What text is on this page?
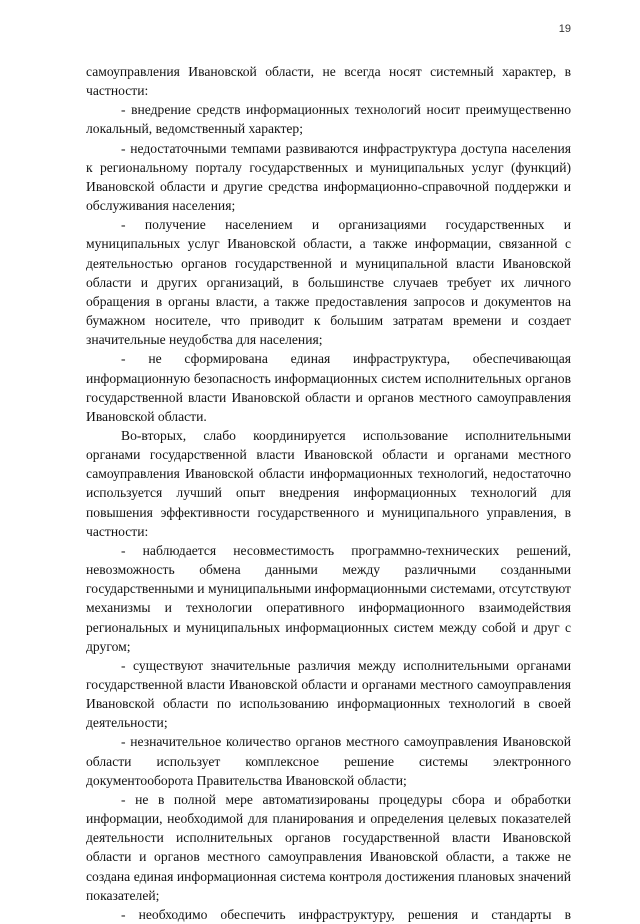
19

самоуправления Ивановской области, не всегда носят системный характер, в частности:

- внедрение средств информационных технологий носит преимущественно локальный, ведомственный характер;

- недостаточными темпами развиваются инфраструктура доступа населения к региональному порталу государственных и муниципальных услуг (функций) Ивановской области и другие средства информационно-справочной поддержки и обслуживания населения;

- получение населением и организациями государственных и муниципальных услуг Ивановской области, а также информации, связанной с деятельностью органов государственной и муниципальной власти Ивановской области и других организаций, в большинстве случаев требует их личного обращения в органы власти, а также предоставления запросов и документов на бумажном носителе, что приводит к большим затратам времени и создает значительные неудобства для населения;

- не сформирована единая инфраструктура, обеспечивающая информационную безопасность информационных систем исполнительных органов государственной власти Ивановской области и органов местного самоуправления Ивановской области.

Во-вторых, слабо координируется использование исполнительными органами государственной власти Ивановской области и органами местного самоуправления Ивановской области информационных технологий, недостаточно используется лучший опыт внедрения информационных технологий для повышения эффективности государственного и муниципального управления, в частности:

- наблюдается несовместимость программно-технических решений, невозможность обмена данными между различными созданными государственными и муниципальными информационными системами, отсутствуют механизмы и технологии оперативного информационного взаимодействия региональных и муниципальных информационных систем между собой и друг с другом;

- существуют значительные различия между исполнительными органами государственной власти Ивановской области и органами местного самоуправления Ивановской области по использованию информационных технологий в своей деятельности;

- незначительное количество органов местного самоуправления Ивановской области использует комплексное решение системы электронного документооборота Правительства Ивановской области;

- не в полной мере автоматизированы процедуры сбора и обработки информации, необходимой для планирования и определения целевых показателей деятельности исполнительных органов государственной власти Ивановской области и органов местного самоуправления Ивановской области, а также не создана единая информационная система контроля достижения плановых значений показателей;

- необходимо обеспечить инфраструктуру, решения и стандарты в
